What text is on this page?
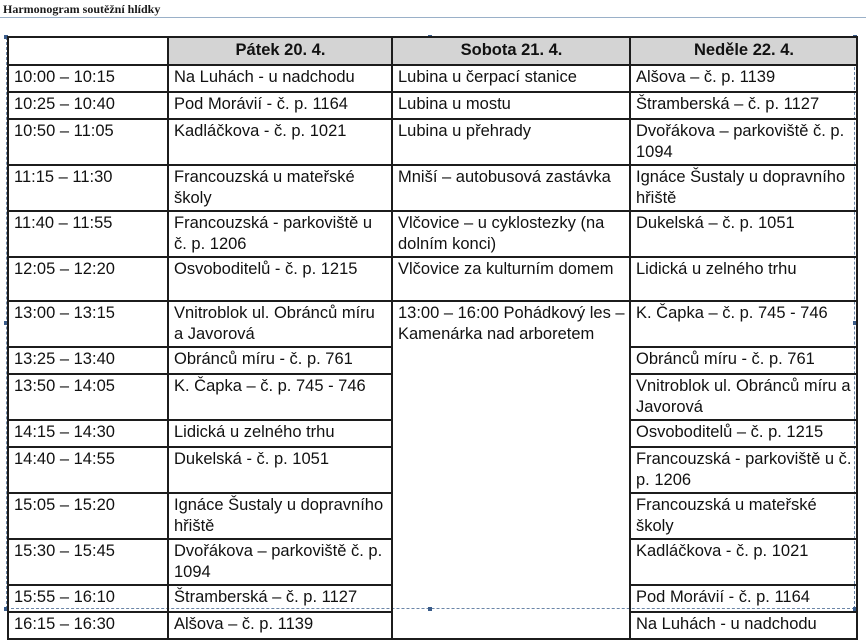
Harmonogram soutěžní hlídky
	Pátek 20. 4.	Sobota 21. 4.	Neděle 22. 4.
10:00 – 10:15	Na Luhách - u nadchodu	Lubina u čerpací stanice	Alšova – č. p. 1139
10:25 – 10:40	Pod Morávií - č. p. 1164	Lubina u mostu	Štramberská – č. p. 1127
10:50 – 11:05	Kadláčkova - č. p. 1021	Lubina u přehrady	Dvořákova – parkoviště č. p. 1094
11:15 – 11:30	Francouzská u mateřské školy	Mniší – autobusová zastávka	Ignáce Šustaly u dopravního hřiště
11:40 – 11:55	Francouzská - parkoviště u č. p. 1206	Vlčovice – u cyklostezky (na dolním konci)	Dukelská – č. p. 1051
12:05 – 12:20	Osvoboditelů - č. p. 1215	Vlčovice za kulturním domem	Lidická u zelného trhu
13:00 – 13:15	Vnitroblok ul. Obránců míru a Javorová	13:00 – 16:00 Pohádkový les – Kamenárka nad arboretem	K. Čapka – č. p. 745 - 746
13:25 – 13:40	Obránců míru - č. p. 761		Obránců míru - č. p. 761
13:50 – 14:05	K. Čapka – č. p. 745 - 746		Vnitroblok ul. Obránců míru a Javorová
14:15 – 14:30	Lidická u zelného trhu		Osvoboditelů – č. p. 1215
14:40 – 14:55	Dukelská - č. p. 1051		Francouzská - parkoviště u č. p. 1206
15:05 – 15:20	Ignáce Šustaly u dopravního hřiště		Francouzská u mateřské školy
15:30 – 15:45	Dvořákova – parkoviště č. p. 1094		Kadláčkova - č. p. 1021
15:55 – 16:10	Štramberská – č. p. 1127		Pod Morávií - č. p. 1164
16:15 – 16:30	Alšova – č. p. 1139		Na Luhách - u nadchodu
